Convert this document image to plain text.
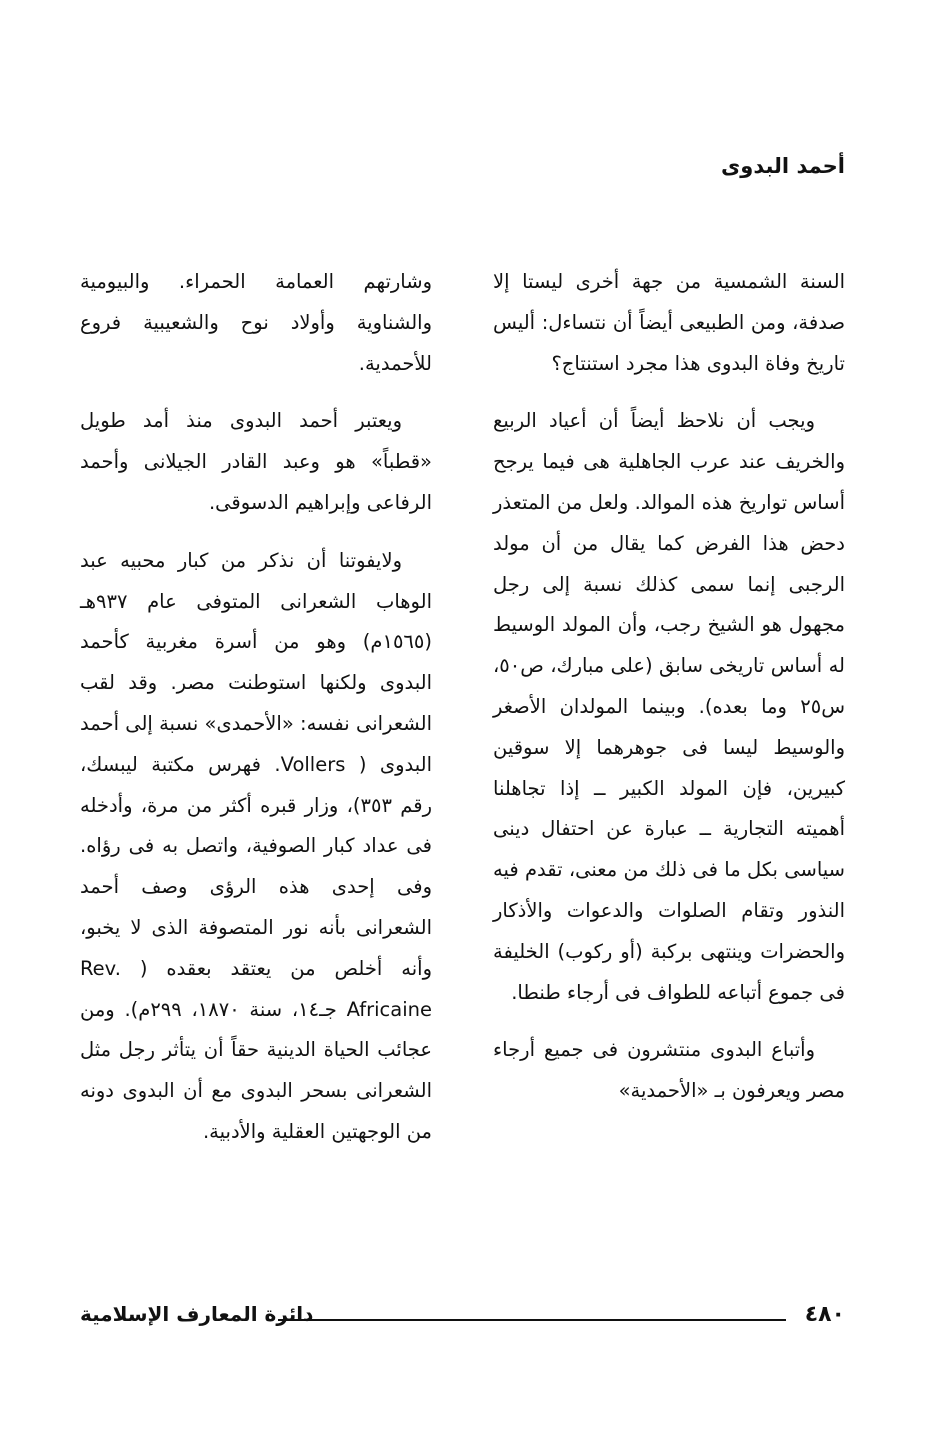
أحمد البدوى

السنة الشمسية من جهة أخرى ليستا إلا صدفة، ومن الطبيعى أيضاً أن نتساءل: أليس تاريخ وفاة البدوى هذا مجرد استنتاج؟

ويجب أن نلاحظ أيضاً أن أعياد الربيع والخريف عند عرب الجاهلية هى فيما يرجح أساس تواريخ هذه الموالد. ولعل من المتعذر دحض هذا الفرض كما يقال من أن مولد الرجبى إنما سمى كذلك نسبة إلى رجل مجهول هو الشيخ رجب، وأن المولد الوسيط له أساس تاريخى سابق (على مبارك، ص٥٠، س٢٥ وما بعده). وبينما المولدان الأصغر والوسيط ليسا فى جوهرهما إلا سوقين كبيرين، فإن المولد الكبير ــ إذا تجاهلنا أهميته التجارية ــ عبارة عن احتفال دينى سياسى بكل ما فى ذلك من معنى، تقدم فيه النذور وتقام الصلوات والدعوات والأذكار والحضرات وينتهى بركبة (أو ركوب) الخليفة فى جموع أتباعه للطواف فى أرجاء طنطا.

وأتباع البدوى منتشرون فى جميع أرجاء مصر ويعرفون بـ «الأحمدية»

وشارتهم العمامة الحمراء. والبيومية والشناوية وأولاد نوح والشعيبية فروع للأحمدية.

ويعتبر أحمد البدوى منذ أمد طويل «قطباً» هو وعبد القادر الجيلانى وأحمد الرفاعى وإبراهيم الدسوقى.

ولايفوتنا أن نذكر من كبار محبيه عبد الوهاب الشعرانى المتوفى عام ٩٣٧هـ (١٥٦٥م) وهو من أسرة مغربية كأحمد البدوى ولكنها استوطنت مصر. وقد لقب الشعرانى نفسه: «الأحمدى» نسبة إلى أحمد البدوى ( Vollers. فهرس مكتبة ليبسك، رقم ٣٥٣)، وزار قبره أكثر من مرة، وأدخله فى عداد كبار الصوفية، واتصل به فى رؤاه. وفى إحدى هذه الرؤى وصف أحمد الشعرانى بأنه نور المتصوفة الذى لا يخبو، وأنه أخلص من يعتقد بعقده ( Rev. Africaine جـ١٤، سنة ١٨٧٠، ٢٩٩م). ومن عجائب الحياة الدينية حقاً أن يتأثر رجل مثل الشعرانى بسحر البدوى مع أن البدوى دونه من الوجهتين العقلية والأدبية.

٤٨٠
دائرة المعارف الإسلامية
